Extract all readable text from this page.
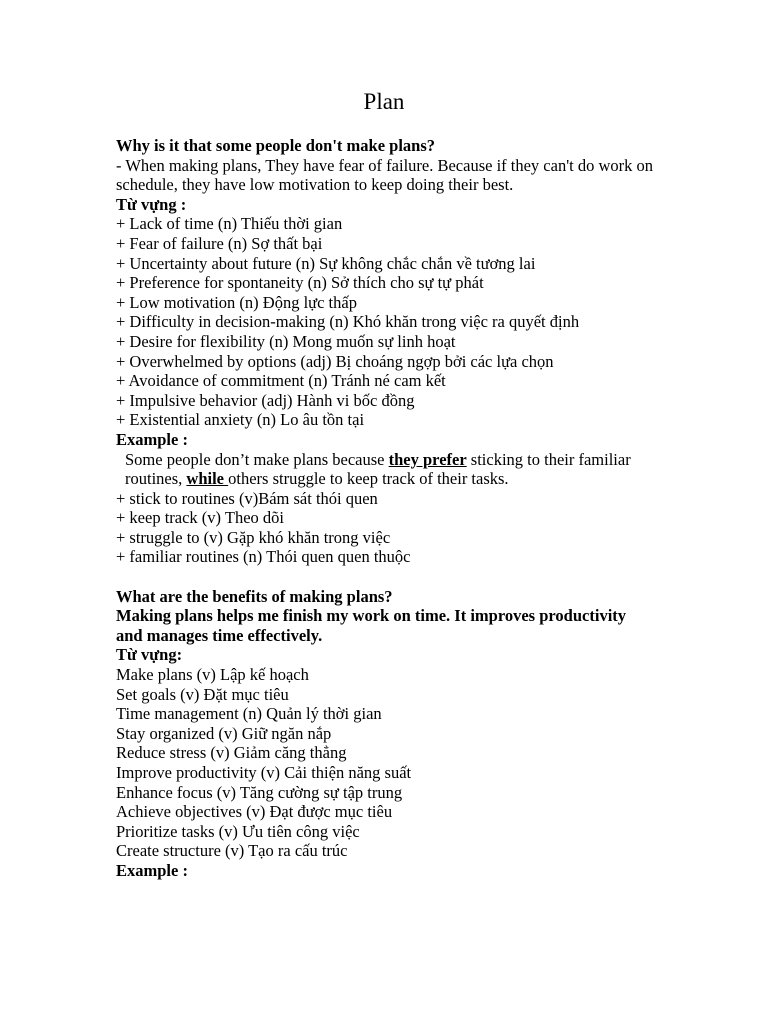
Plan
Why is it that some people don't make plans?
- When making plans, They have fear of failure. Because if they can't do work on schedule, they have low motivation to keep doing their best.
Từ vựng :
+ Lack of time (n) Thiếu thời gian
+ Fear of failure (n) Sợ thất bại
+ Uncertainty about future (n) Sự không chắc chắn về tương lai
+ Preference for spontaneity (n) Sở thích cho sự tự phát
+ Low motivation (n) Động lực thấp
+ Difficulty in decision-making (n) Khó khăn trong việc ra quyết định
+ Desire for flexibility (n) Mong muốn sự linh hoạt
+ Overwhelmed by options (adj) Bị choáng ngợp bởi các lựa chọn
+ Avoidance of commitment (n) Tránh né cam kết
+ Impulsive behavior (adj) Hành vi bốc đồng
+ Existential anxiety (n) Lo âu tồn tại
Example :
Some people don’t make plans because they prefer sticking to their familiar routines, while others struggle to keep track of their tasks.
+ stick to routines (v)Bám sát thói quen
+ keep track (v) Theo dõi
+ struggle to (v) Gặp khó khăn trong việc
+ familiar routines (n) Thói quen quen thuộc
What are the benefits of making plans?
Making plans helps me finish my work on time. It improves productivity and manages time effectively.
Từ vựng:
Make plans (v) Lập kế hoạch
Set goals (v) Đặt mục tiêu
Time management (n) Quản lý thời gian
Stay organized (v) Giữ ngăn nắp
Reduce stress (v) Giảm căng thẳng
Improve productivity (v) Cải thiện năng suất
Enhance focus (v) Tăng cường sự tập trung
Achieve objectives (v) Đạt được mục tiêu
Prioritize tasks (v) Ưu tiên công việc
Create structure (v) Tạo ra cấu trúc
Example :
